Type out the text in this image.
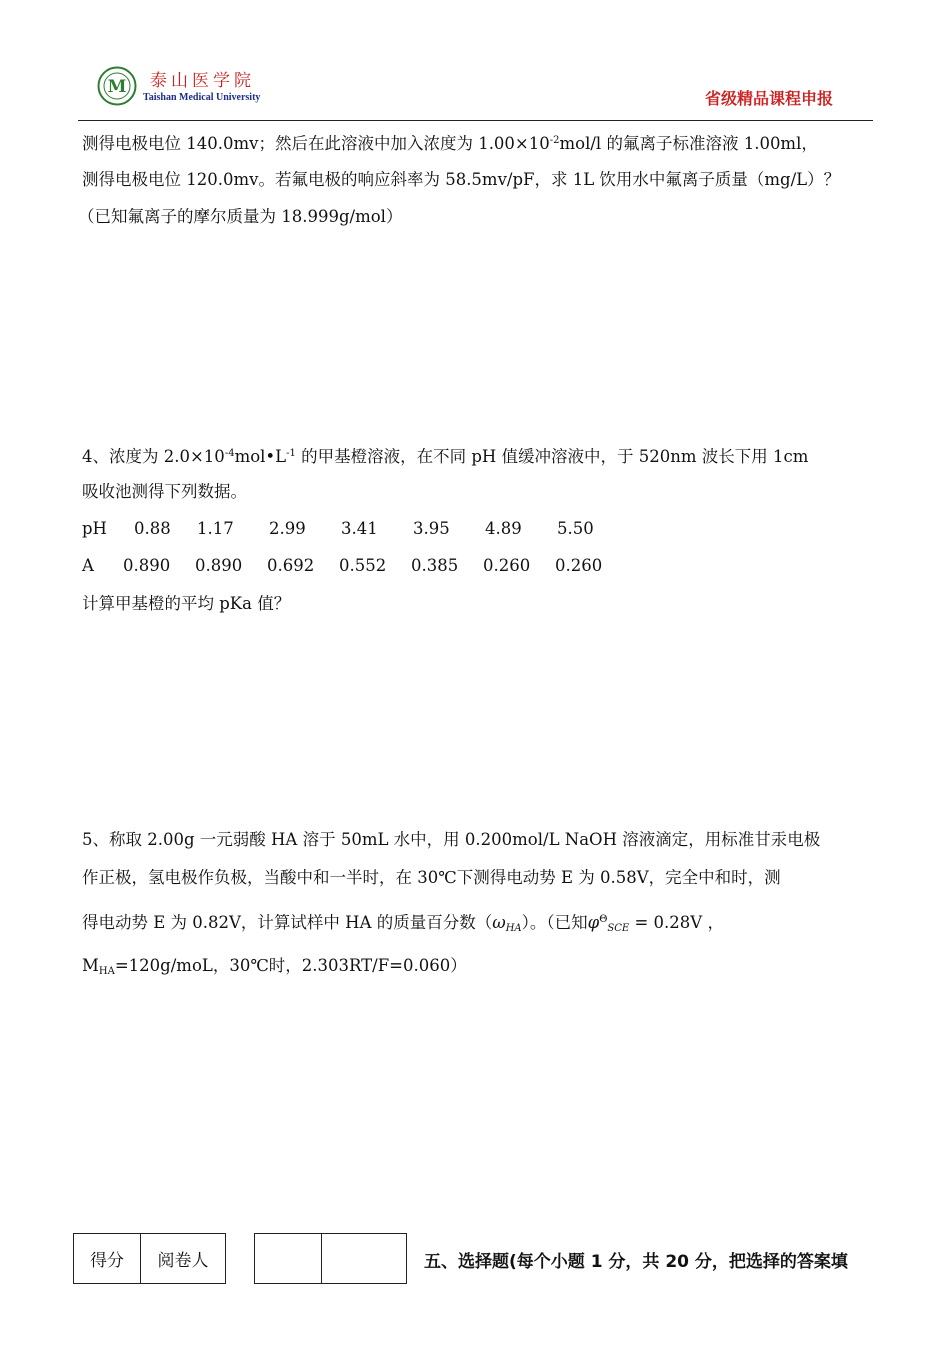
M 泰山医学院
Taishan Medical University	省级精品课程申报
测得电极电位 140.0mv；然后在此溶液中加入浓度为 $1.00\times 10^{-2}mol/l$ 的氟离子标准溶液 1.00ml，
测得电极电位 120.0mv。若氟电极的响应斜率为 58.5mv/pF，求 1L 饮用水中氟离子质量（mg/L）？
（已知氟离子的摩尔质量为 18.999g/mol）
4、浓度为 $2.0\times 10^{-4}mol•L^{-1}$ 的甲基橙溶液，在不同 pH 值缓冲溶液中，于 520nm 波长下用 1cm
吸收池测得下列数据。
pH 0.88 1.17 2.99 3.41 3.95 4.89 5.50
A 0.890 0.890 0.692 0.552 0.385 0.260 0.260
计算甲基橙的平均 pKa 值？
5、称取 2.00g 一元弱酸 HA 溶于 50mL 水中，用 0.200mol/L NaOH 溶液滴定，用标准甘汞电极
作正极，氢电极作负极，当酸中和一半时，在 30℃下测得电动势 E 为 0.58V，完全中和时，测
得电动势 E 为 0.82V，计算试样中 HA 的质量百分数$(\omega_{HA})$。（已知$\varphi^\Theta_{SCE} = 0.28V$ ，
$M_{HA}=120g$/moL，30℃时，2.303RT/F=0.060）
得分	阅卷人
		五、选择题(每个小题 1 分，共 20 分，把选择的答案填
